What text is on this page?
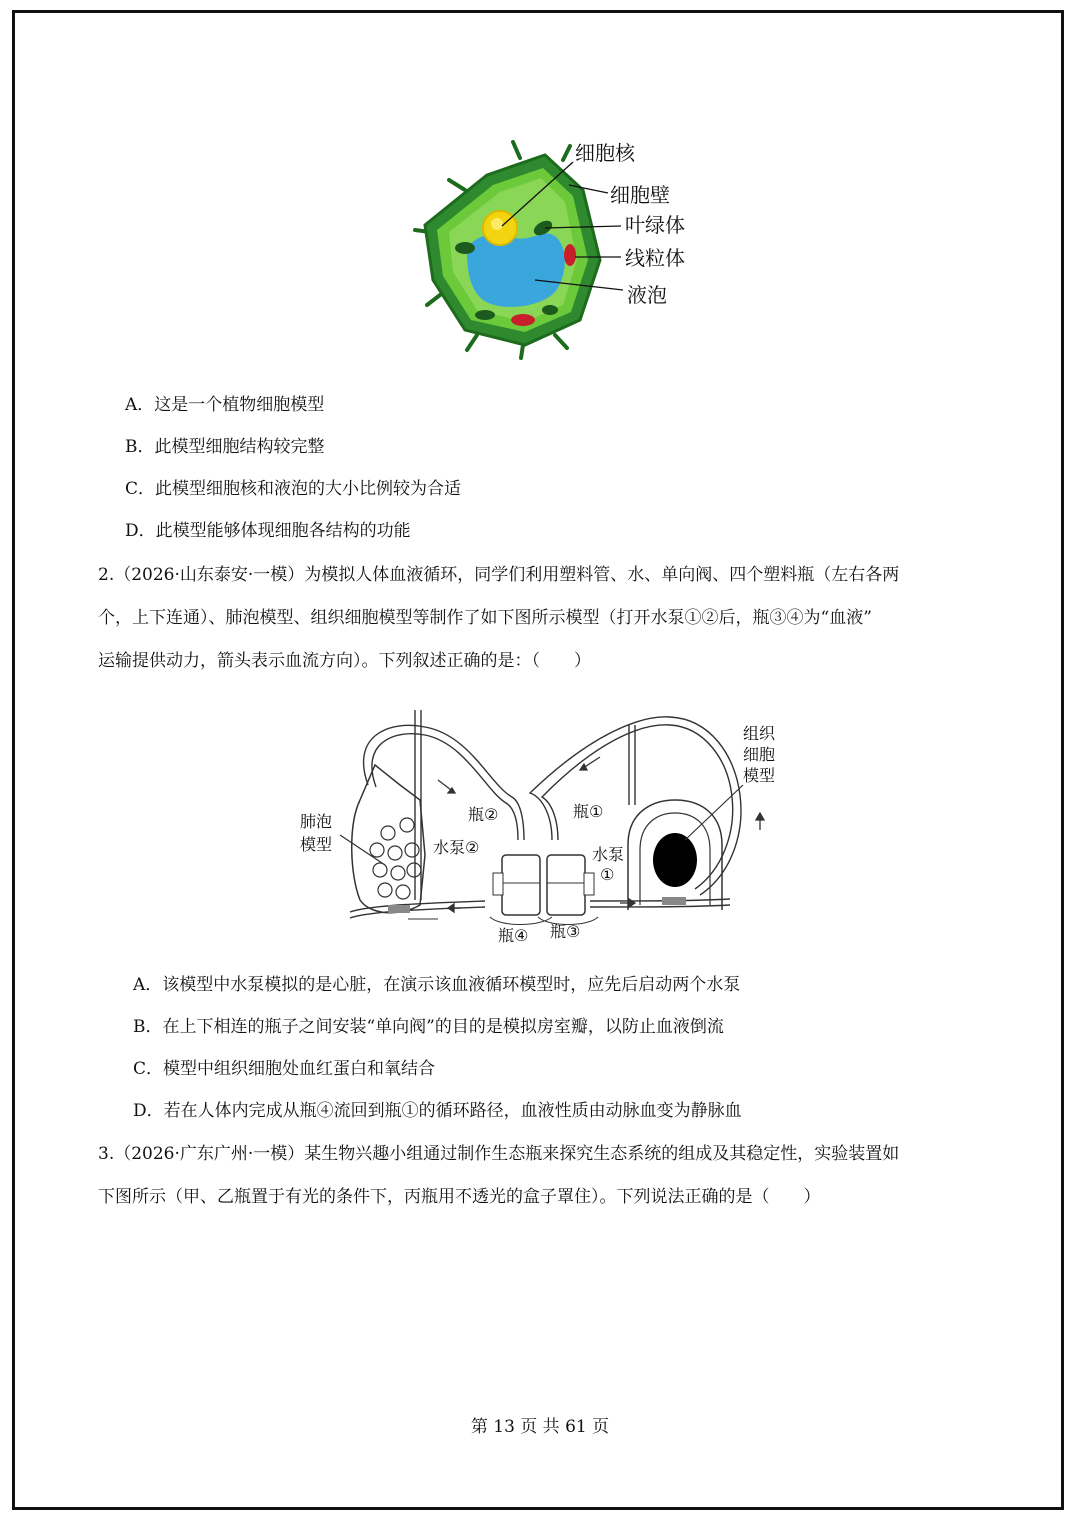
细胞核
细胞壁
叶绿体
线粒体
液泡
A．这是一个植物细胞模型
B．此模型细胞结构较完整
C．此模型细胞核和液泡的大小比例较为合适
D．此模型能够体现细胞各结构的功能
2.（2026·山东泰安·一模）为模拟人体血液循环，同学们利用塑料管、水、单向阀、四个塑料瓶（左右各两
个，上下连通）、肺泡模型、组织细胞模型等制作了如下图所示模型（打开水泵①②后，瓶③④为“血液”
运输提供动力，箭头表示血流方向）。下列叙述正确的是：（　　）
肺泡
模型
组织
细胞
模型
瓶②	瓶①
水泵②	水泵
①
瓶④ 瓶③
A．该模型中水泵模拟的是心脏，在演示该血液循环模型时，应先后启动两个水泵
B．在上下相连的瓶子之间安装“单向阀”的目的是模拟房室瓣，以防止血液倒流
C．模型中组织细胞处血红蛋白和氧结合
D．若在人体内完成从瓶④流回到瓶①的循环路径，血液性质由动脉血变为静脉血
3.（2026·广东广州·一模）某生物兴趣小组通过制作生态瓶来探究生态系统的组成及其稳定性，实验装置如
下图所示（甲、乙瓶置于有光的条件下，丙瓶用不透光的盒子罩住）。下列说法正确的是（　　）
第 13 页 共 61 页
